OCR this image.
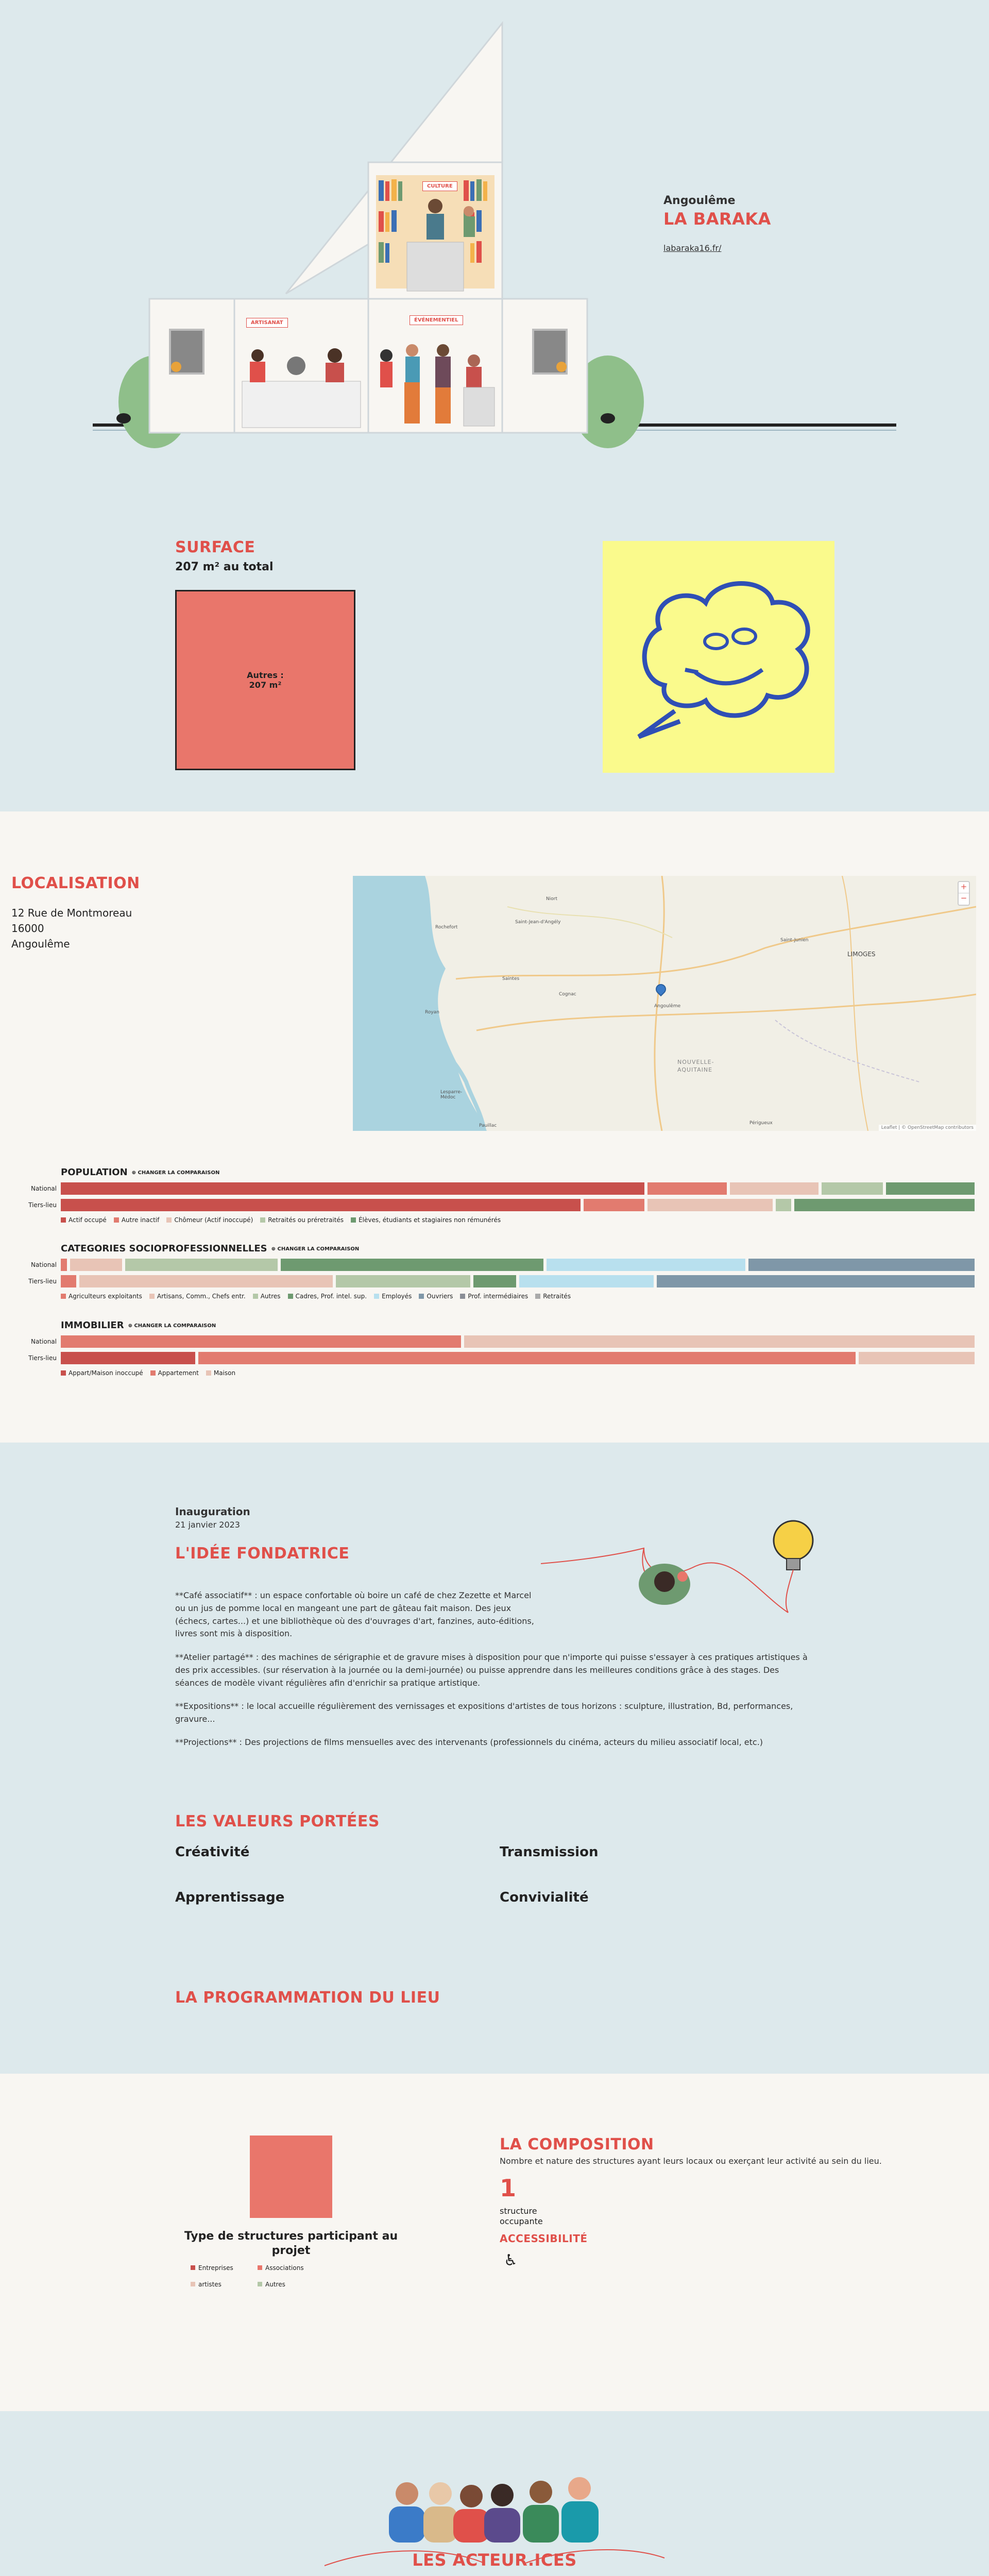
CULTURE
ARTISANAT	ÉVÉNEMENTIEL
Angoulême
LA BARAKA
labaraka16.fr/
SURFACE
207 m² au total
Autres :
207 m²
LOCALISATION
12 Rue de Montmoreau
16000
Angoulême
LIMOGES
NOUVELLE-
AQUITAINE
Angoulême
Cognac
Saintes
Niort
Royan
Rochefort
Saint-Jean-d'Angély
Saint-Junien
Lesparre-Médoc
Périgueux
Pauillac
+
−
Leaflet | © OpenStreetMap contributors
POPULATION ⊕ CHANGER LA COMPARAISON
National
Tiers-lieu
Actif occupé	Autre inactif	Chômeur (Actif inoccupé)	Retraités ou préretraités	Élèves, étudiants et stagiaires non rémunérés
CATEGORIES SOCIOPROFESSIONNELLES ⊕ CHANGER LA COMPARAISON
National
Tiers-lieu
Agriculteurs exploitants	Artisans, Comm., Chefs entr.	Autres	Cadres, Prof. intel. sup.	Employés	Ouvriers	Prof. intermédiaires	Retraités
IMMOBILIER ⊕ CHANGER LA COMPARAISON
National
Tiers-lieu
Appart/Maison inoccupé	Appartement	Maison
Inauguration
21 janvier 2023
L'IDÉE FONDATRICE
**Café associatif** : un espace confortable où boire un café de chez Zezette et Marcel ou un jus de pomme local en mangeant une part de gâteau fait maison. Des jeux (échecs, cartes...) et une bibliothèque où des d'ouvrages d'art, fanzines, auto-éditions, livres sont mis à disposition.
**Atelier partagé** : des machines de sérigraphie et de gravure mises à disposition pour que n'importe qui puisse s'essayer à ces pratiques artistiques à des prix accessibles. (sur réservation à la journée ou la demi-journée) ou puisse apprendre dans les meilleures conditions grâce à des stages. Des séances de modèle vivant régulières afin d'enrichir sa pratique artistique.
**Expositions** : le local accueille régulièrement des vernissages et expositions d'artistes de tous horizons : sculpture, illustration, Bd, performances, gravure...
**Projections** : Des projections de films mensuelles avec des intervenants (professionnels du cinéma, acteurs du milieu associatif local, etc.)
LES VALEURS PORTÉES
Créativité	Transmission
Apprentissage	Convivialité
LA PROGRAMMATION DU LIEU
Type de structures participant au projet
Entreprises	Associations
artistes	Autres
LA COMPOSITION
Nombre et nature des structures ayant leurs locaux ou exerçant leur activité au sein du lieu.
1
structure
occupante
ACCESSIBILITÉ
♿
LES ACTEUR.ICES
